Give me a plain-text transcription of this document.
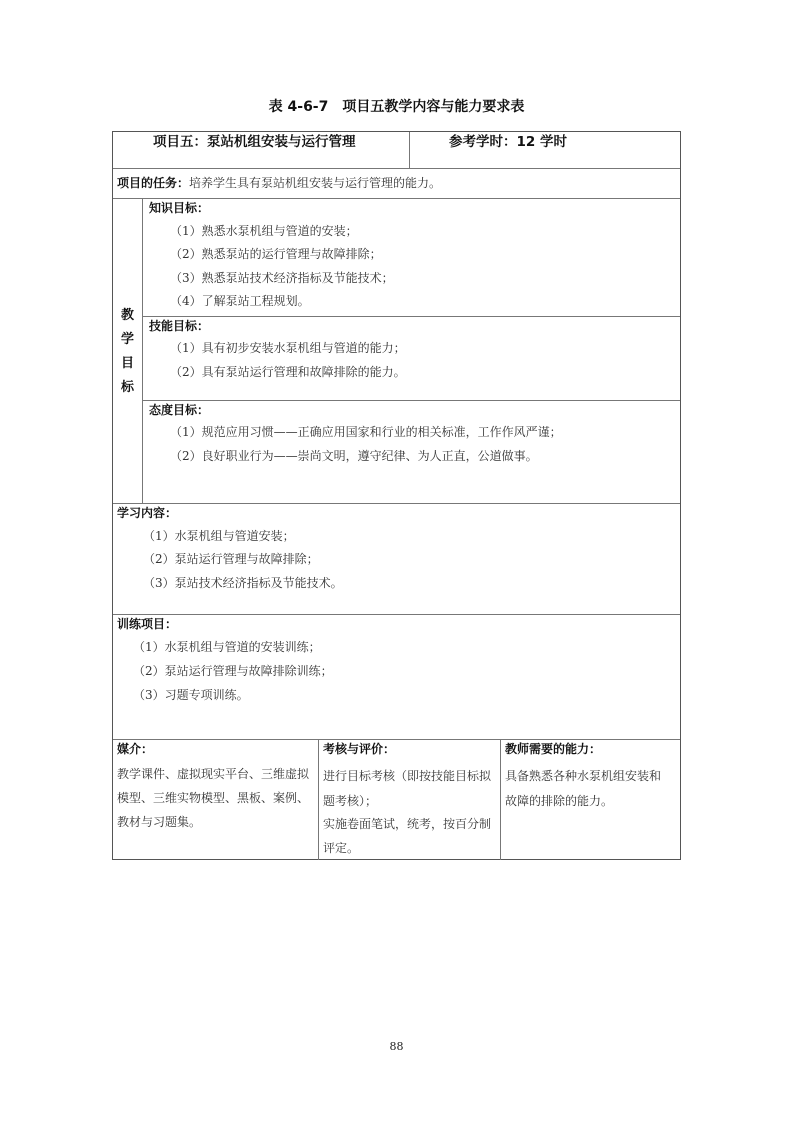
表 4-6-7　项目五教学内容与能力要求表
项目五：泵站机组安装与运行管理	参考学时：12 学时
项目的任务：培养学生具有泵站机组安装与运行管理的能力。
教
学
目
标
知识目标：
（1）熟悉水泵机组与管道的安装；
（2）熟悉泵站的运行管理与故障排除；
（3）熟悉泵站技术经济指标及节能技术；
（4）了解泵站工程规划。
技能目标：
（1）具有初步安装水泵机组与管道的能力；
（2）具有泵站运行管理和故障排除的能力。
态度目标：
（1）规范应用习惯——正确应用国家和行业的相关标准，工作作风严谨；
（2）良好职业行为——崇尚文明，遵守纪律、为人正直，公道做事。
学习内容：
（1）水泵机组与管道安装；
（2）泵站运行管理与故障排除；
（3）泵站技术经济指标及节能技术。
训练项目：
（1）水泵机组与管道的安装训练；
（2）泵站运行管理与故障排除训练；
（3）习题专项训练。
媒介：
教学课件、虚拟现实平台、三维虚拟
模型、三维实物模型、黑板、案例、
教材与习题集。
考核与评价：
进行目标考核（即按技能目标拟
题考核）；
实施卷面笔试，统考，按百分制
评定。
教师需要的能力：
具备熟悉各种水泵机组安装和
故障的排除的能力。
88
